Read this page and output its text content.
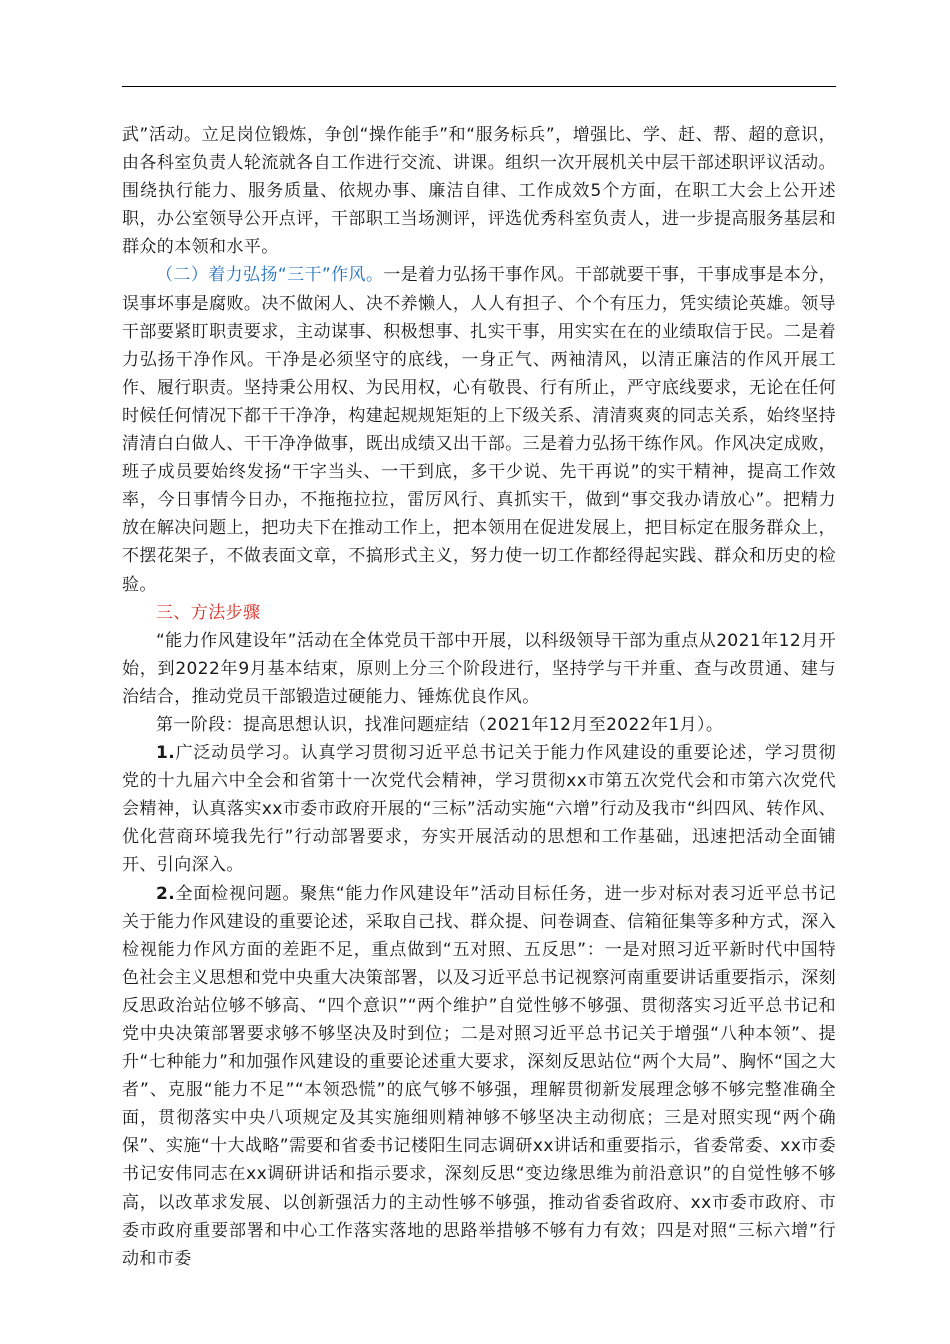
武”活动。立足岗位锻炼，争创“操作能手”和“服务标兵”，增强比、学、赶、帮、超的意识，由各科室负责人轮流就各自工作进行交流、讲课。组织一次开展机关中层干部述职评议活动。围绕执行能力、服务质量、依规办事、廉洁自律、工作成效5个方面，在职工大会上公开述职，办公室领导公开点评，干部职工当场测评，评选优秀科室负责人，进一步提高服务基层和群众的本领和水平。

（二）着力弘扬“三干”作风。一是着力弘扬干事作风。干部就要干事，干事成事是本分，误事坏事是腐败。决不做闲人、决不养懒人，人人有担子、个个有压力，凭实绩论英雄。领导干部要紧盯职责要求，主动谋事、积极想事、扎实干事，用实实在在的业绩取信于民。二是着力弘扬干净作风。干净是必须坚守的底线，一身正气、两袖清风，以清正廉洁的作风开展工作、履行职责。坚持秉公用权、为民用权，心有敬畏、行有所止，严守底线要求，无论在任何时候任何情况下都干干净净，构建起规规矩矩的上下级关系、清清爽爽的同志关系，始终坚持清清白白做人、干干净净做事，既出成绩又出干部。三是着力弘扬干练作风。作风决定成败，班子成员要始终发扬“干字当头、一干到底，多干少说、先干再说”的实干精神，提高工作效率，今日事情今日办，不拖拖拉拉，雷厉风行、真抓实干，做到“事交我办请放心”。把精力放在解决问题上，把功夫下在推动工作上，把本领用在促进发展上，把目标定在服务群众上，不摆花架子，不做表面文章，不搞形式主义，努力使一切工作都经得起实践、群众和历史的检验。

三、方法步骤

“能力作风建设年”活动在全体党员干部中开展，以科级领导干部为重点从2021年12月开始，到2022年9月基本结束，原则上分三个阶段进行，坚持学与干并重、查与改贯通、建与治结合，推动党员干部锻造过硬能力、锤炼优良作风。

第一阶段：提高思想认识，找准问题症结（2021年12月至2022年1月）。

1.广泛动员学习。认真学习贯彻习近平总书记关于能力作风建设的重要论述，学习贯彻党的十九届六中全会和省第十一次党代会精神，学习贯彻xx市第五次党代会和市第六次党代会精神，认真落实xx市委市政府开展的“三标”活动实施“六增”行动及我市“纠四风、转作风、优化营商环境我先行”行动部署要求，夯实开展活动的思想和工作基础，迅速把活动全面铺开、引向深入。

2.全面检视问题。聚焦“能力作风建设年”活动目标任务，进一步对标对表习近平总书记关于能力作风建设的重要论述，采取自己找、群众提、问卷调查、信箱征集等多种方式，深入检视能力作风方面的差距不足，重点做到“五对照、五反思”：一是对照习近平新时代中国特色社会主义思想和党中央重大决策部署，以及习近平总书记视察河南重要讲话重要指示，深刻反思政治站位够不够高、“四个意识”“两个维护”自觉性够不够强、贯彻落实习近平总书记和党中央决策部署要求够不够坚决及时到位；二是对照习近平总书记关于增强“八种本领”、提升“七种能力”和加强作风建设的重要论述重大要求，深刻反思站位“两个大局”、胸怀“国之大者”、克服“能力不足”“本领恐慌”的底气够不够强，理解贯彻新发展理念够不够完整准确全面，贯彻落实中央八项规定及其实施细则精神够不够坚决主动彻底；三是对照实现“两个确保”、实施“十大战略”需要和省委书记楼阳生同志调研xx讲话和重要指示，省委常委、xx市委书记安伟同志在xx调研讲话和指示要求，深刻反思“变边缘思维为前沿意识”的自觉性够不够高，以改革求发展、以创新强活力的主动性够不够强，推动省委省政府、xx市委市政府、市委市政府重要部署和中心工作落实落地的思路举措够不够有力有效；四是对照“三标六增”行动和市委
